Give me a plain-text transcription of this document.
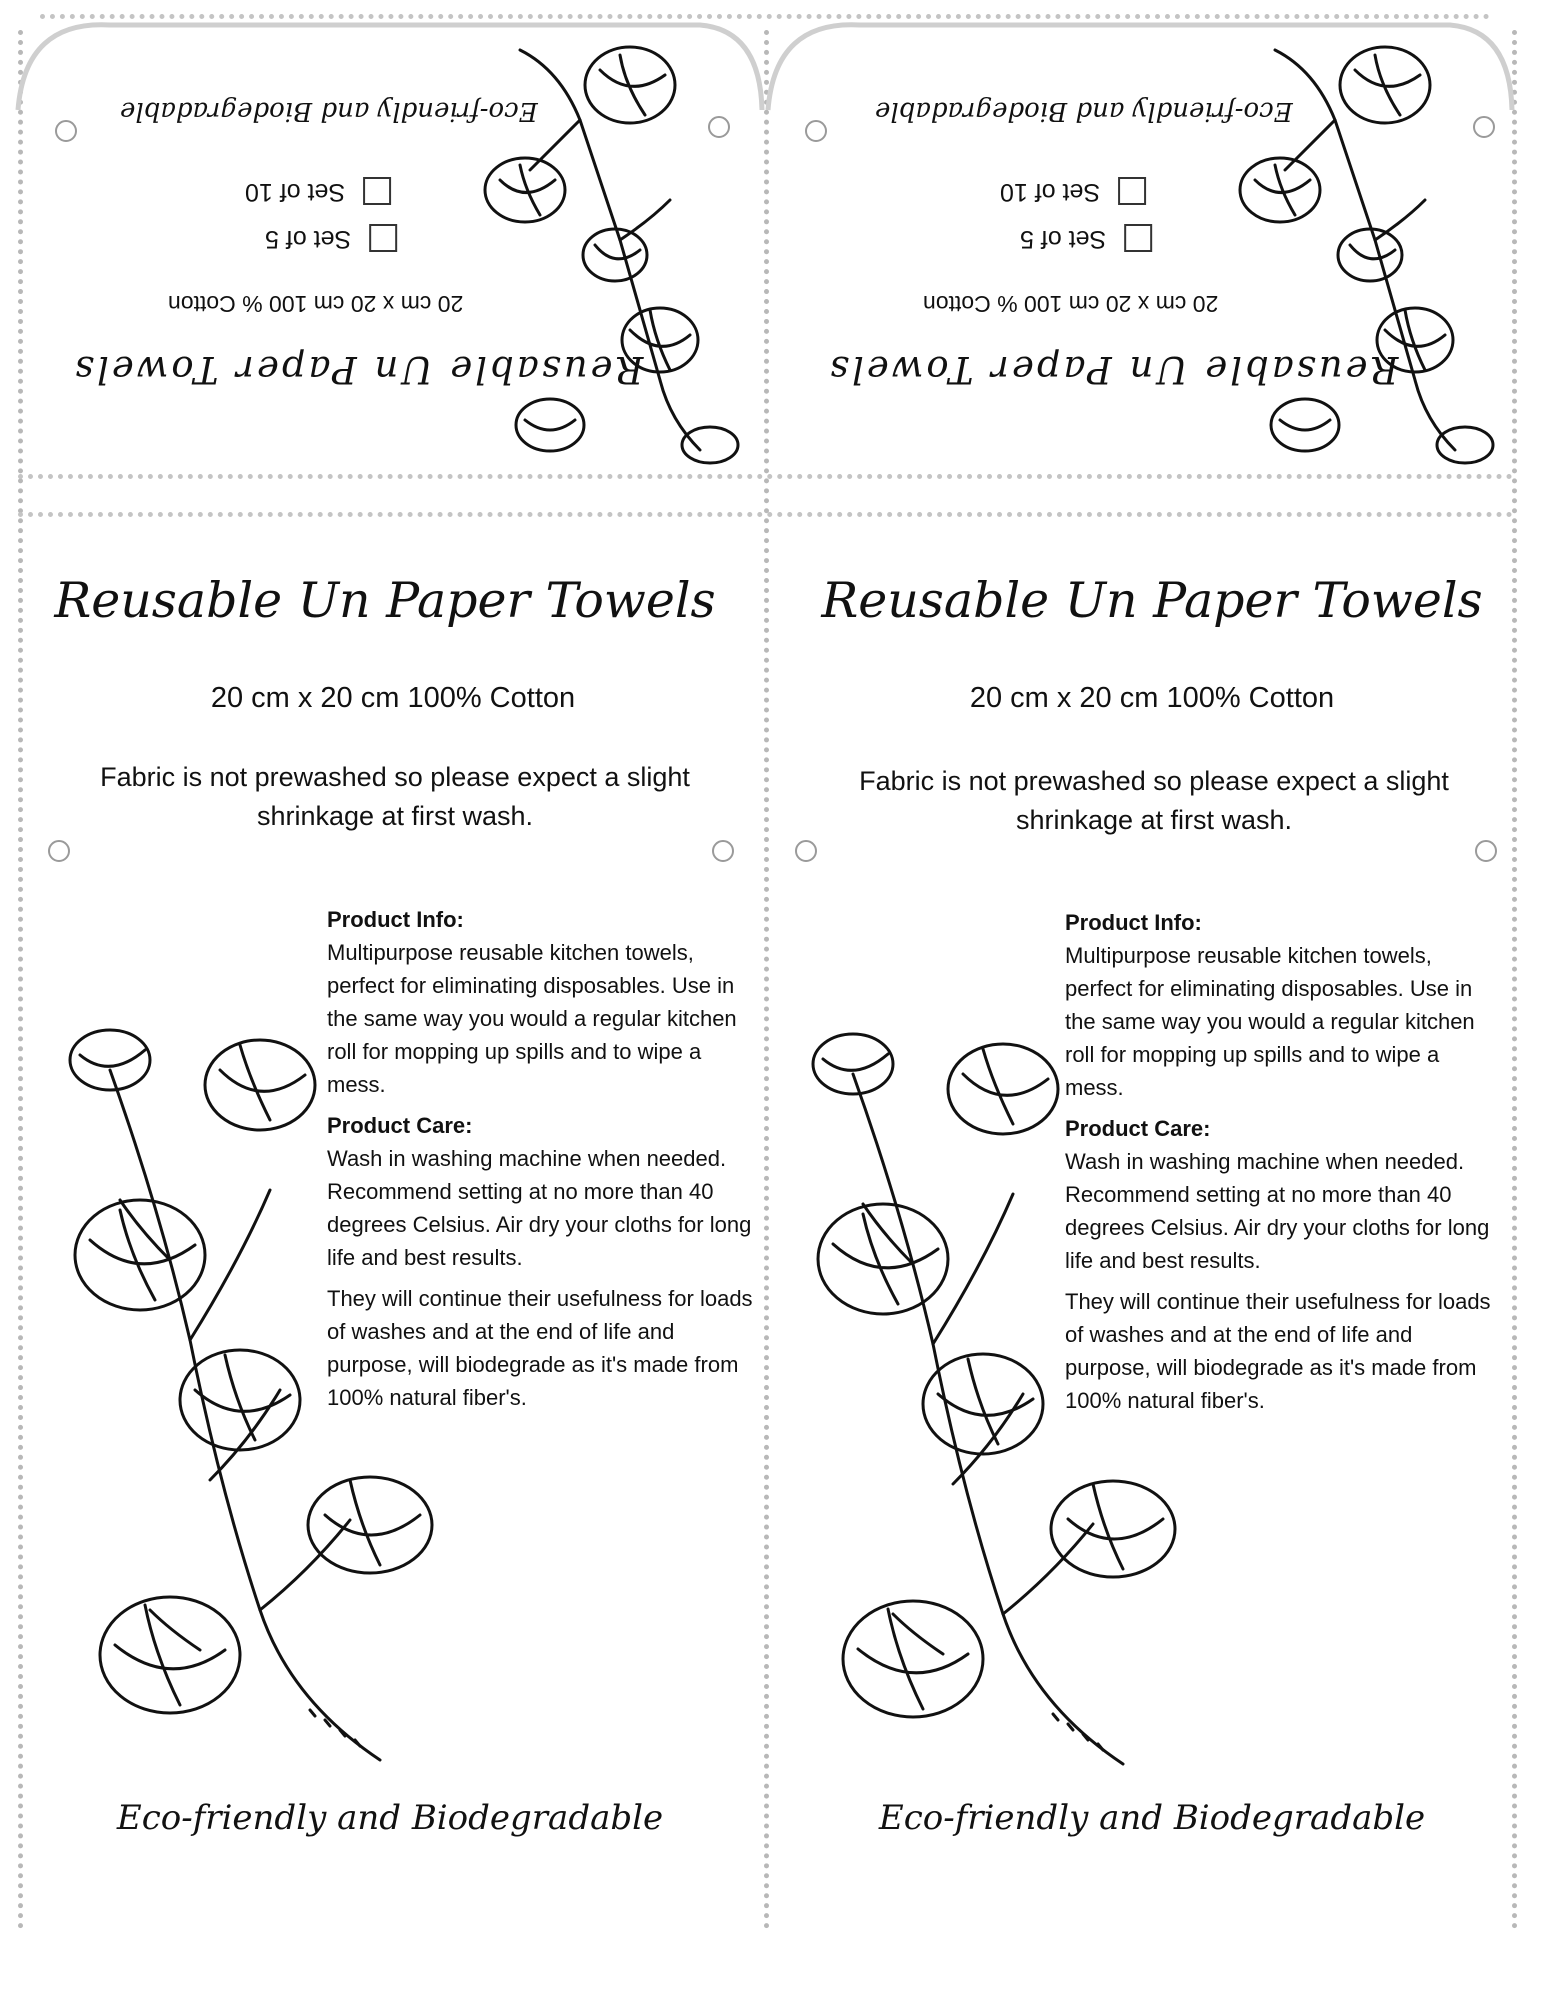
Reusable Un Paper Towels
20 cm x 20 cm 100 % Cotton
Set of 5
Set of 10
Eco-friendly and Biodegradable
Reusable Un Paper Towels
20 cm x 20 cm 100% Cotton
Fabric is not prewashed so please expect a slight shrinkage at first wash.

Product Info:

Multipurpose reusable kitchen towels, perfect for eliminating disposables. Use in the same way you would a regular kitchen roll for mopping up spills and to wipe a mess.

Product Care:

Wash in washing machine when needed. Recommend setting at no more than 40 degrees Celsius. Air dry your cloths for long life and best results.

They will continue their usefulness for loads of washes and at the end of life and purpose, will biodegrade as it's made from 100% natural fiber's.

Eco-friendly and Biodegradable
Reusable Un Paper Towels
20 cm x 20 cm 100 % Cotton
Set of 5
Set of 10
Eco-friendly and Biodegradable
Reusable Un Paper Towels
20 cm x 20 cm 100% Cotton
Fabric is not prewashed so please expect a slight shrinkage at first wash.

Product Info:

Multipurpose reusable kitchen towels, perfect for eliminating disposables. Use in the same way you would a regular kitchen roll for mopping up spills and to wipe a mess.

Product Care:

Wash in washing machine when needed. Recommend setting at no more than 40 degrees Celsius. Air dry your cloths for long life and best results.

They will continue their usefulness for loads of washes and at the end of life and purpose, will biodegrade as it's made from 100% natural fiber's.

Eco-friendly and Biodegradable
